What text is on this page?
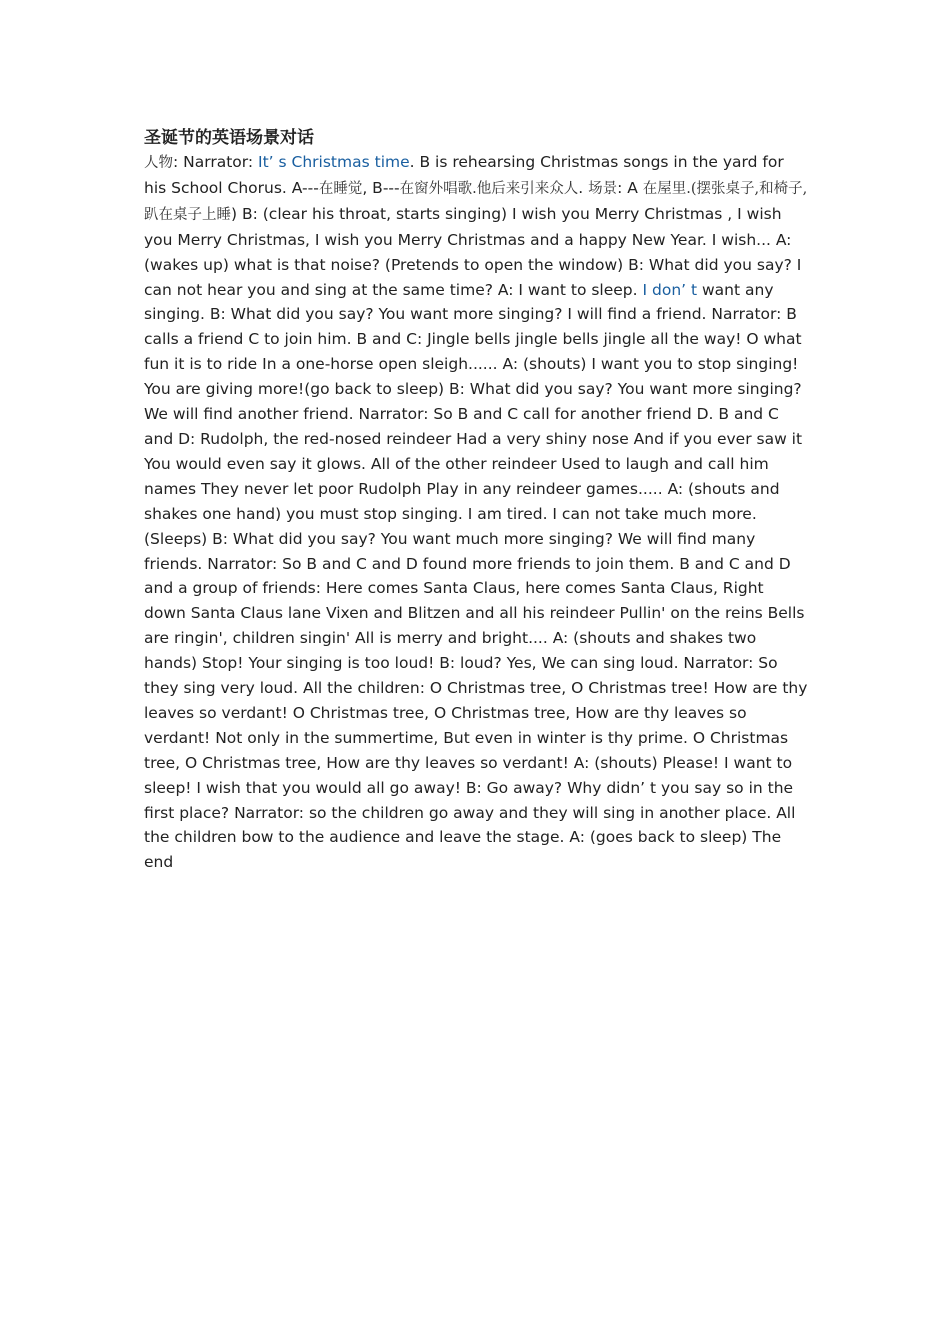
圣诞节的英语场景对话

人物: Narrator: It’ s Christmas time. B is rehearsing Christmas songs in the yard for his School Chorus. A---在睡觉, B---在窗外唱歌.他后来引来众人. 场景: A 在屋里.(摆张桌子,和椅子,趴在桌子上睡) B: (clear his throat, starts singing) I wish you Merry Christmas , I wish you Merry Christmas, I wish you Merry Christmas and a happy New Year. I wish... A: (wakes up) what is that noise? (Pretends to open the window) B: What did you say? I can not hear you and sing at the same time? A: I want to sleep. I don’ t want any singing. B: What did you say? You want more singing? I will find a friend. Narrator: B calls a friend C to join him. B and C: Jingle bells jingle bells jingle all the way! O what fun it is to ride In a one-horse open sleigh...... A: (shouts) I want you to stop singing! You are giving more!(go back to sleep) B: What did you say? You want more singing? We will find another friend. Narrator: So B and C call for another friend D. B and C and D: Rudolph, the red-nosed reindeer Had a very shiny nose And if you ever saw it You would even say it glows. All of the other reindeer Used to laugh and call him names They never let poor Rudolph Play in any reindeer games..... A: (shouts and shakes one hand) you must stop singing. I am tired. I can not take much more. (Sleeps) B: What did you say? You want much more singing? We will find many friends. Narrator: So B and C and D found more friends to join them. B and C and D and a group of friends: Here comes Santa Claus, here comes Santa Claus, Right down Santa Claus lane Vixen and Blitzen and all his reindeer Pullin' on the reins Bells are ringin', children singin' All is merry and bright.... A: (shouts and shakes two hands) Stop! Your singing is too loud! B: loud? Yes, We can sing loud. Narrator: So they sing very loud. All the children: O Christmas tree, O Christmas tree! How are thy leaves so verdant! O Christmas tree, O Christmas tree, How are thy leaves so verdant! Not only in the summertime, But even in winter is thy prime. O Christmas tree, O Christmas tree, How are thy leaves so verdant! A: (shouts) Please! I want to sleep! I wish that you would all go away! B: Go away? Why didn’ t you say so in the first place? Narrator: so the children go away and they will sing in another place. All the children bow to the audience and leave the stage. A: (goes back to sleep) The end
